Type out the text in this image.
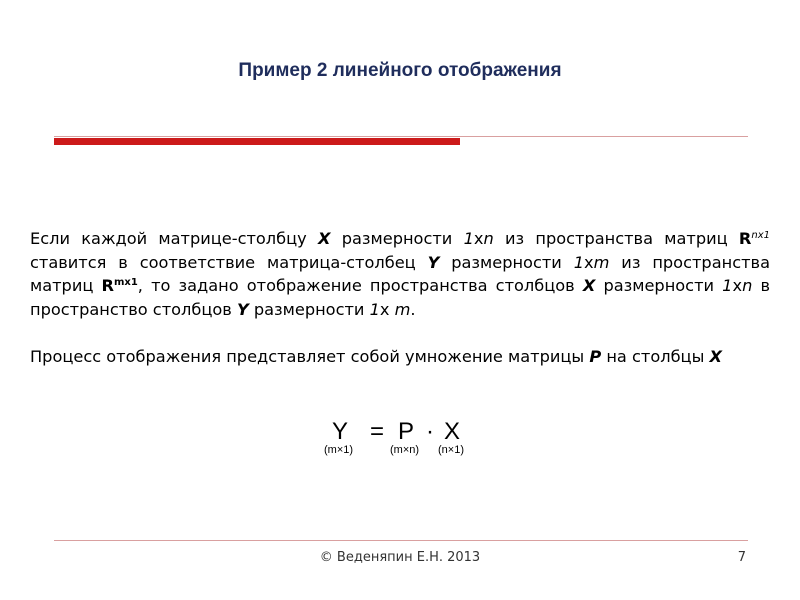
Пример 2 линейного отображения

Если каждой матрице-столбцу X размерности 1xn из пространства матриц $R^{nx1}$ ставится в соответствие матрица-столбец Y размерности 1xm из пространства матриц $R^{mx1}$, то задано отображение пространства столбцов X размерности 1xn в пространство столбцов Y размерности 1x m.

Процесс отображения представляет собой умножение матрицы P на столбцы X

Y = P · X
(m×1)	(m×n) (n×1)
© Веденяпин Е.Н. 2013	7
